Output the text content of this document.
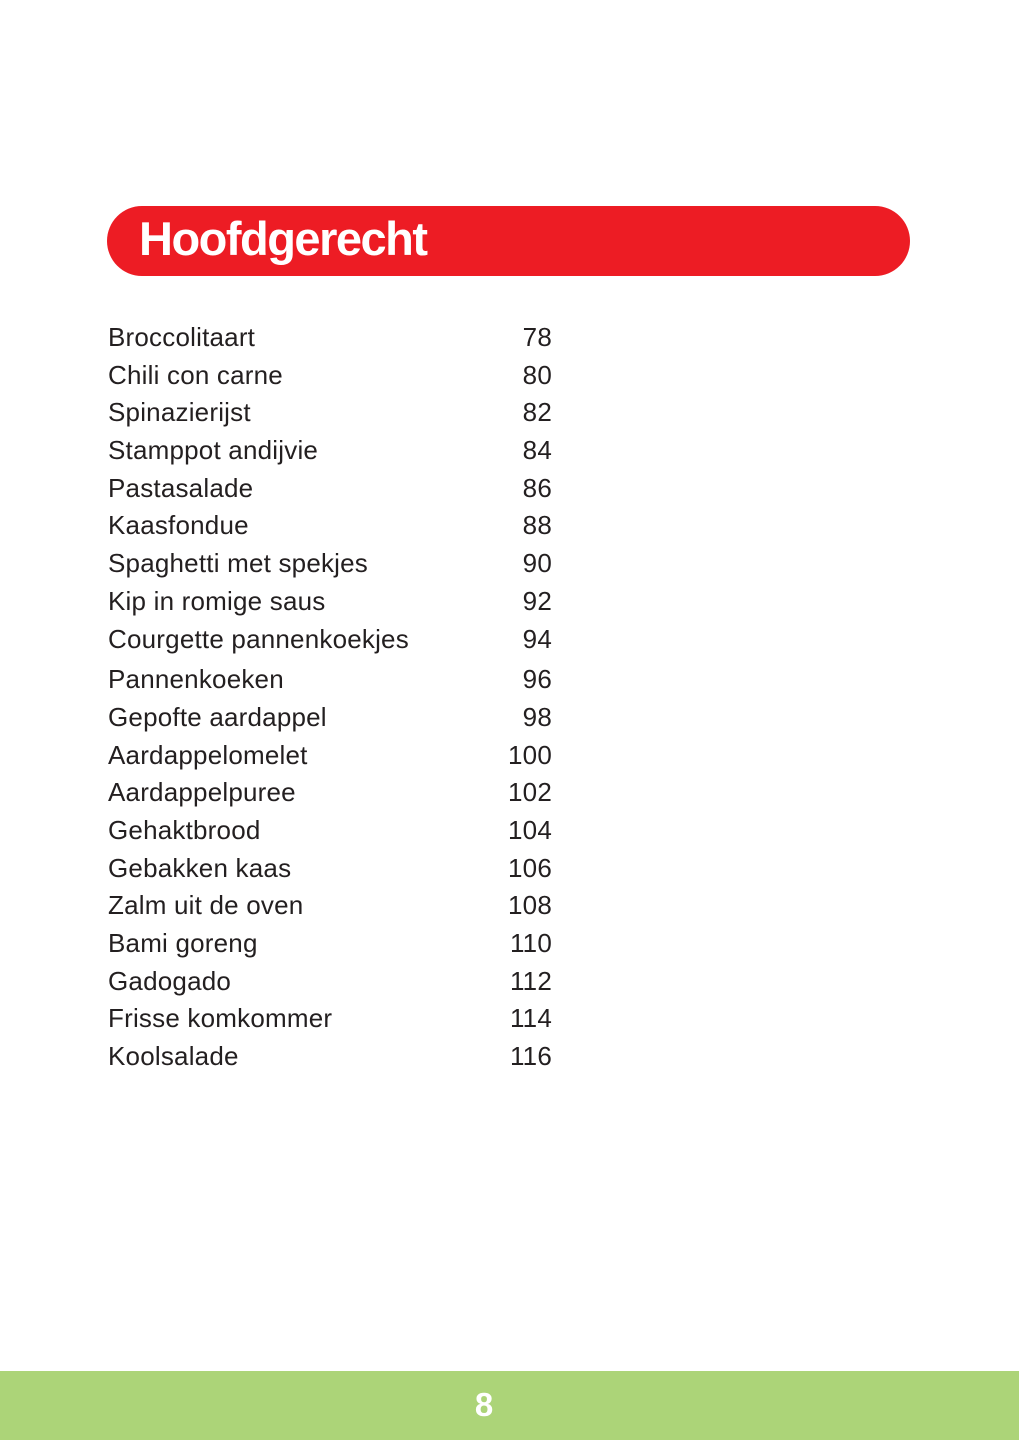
Hoofdgerecht
Broccolitaart	78
Chili con carne	80
Spinazierijst	82
Stamppot andijvie	84
Pastasalade	86
Kaasfondue	88
Spaghetti met spekjes	90
Kip in romige saus	92
Courgette pannenkoekjes	94
Pannenkoeken	96
Gepofte aardappel	98
Aardappelomelet	100
Aardappelpuree	102
Gehaktbrood	104
Gebakken kaas	106
Zalm uit de oven	108
Bami goreng	110
Gadogado	112
Frisse komkommer	114
Koolsalade	116
8
